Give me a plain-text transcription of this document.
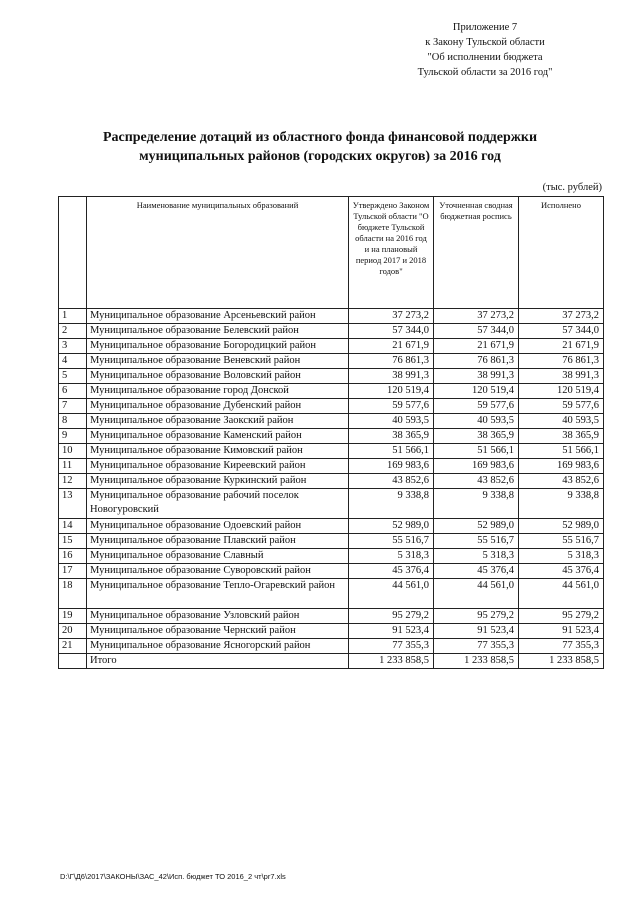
Приложение 7
к Закону Тульской области
"Об исполнении бюджета
Тульской области за 2016 год"
Распределение дотаций из областного фонда финансовой поддержки
муниципальных районов (городских округов) за 2016 год
(тыс. рублей)
	Наименование муниципальных образований	Утверждено Законом Тульской области "О бюджете Тульской области на 2016 год и на плановый период 2017 и 2018 годов"	Уточненная сводная бюджетная роспись	Исполнено
1	Муниципальное образование Арсеньевский район	37 273,2	37 273,2	37 273,2
2	Муниципальное образование Белевский район	57 344,0	57 344,0	57 344,0
3	Муниципальное образование Богородицкий район	21 671,9	21 671,9	21 671,9
4	Муниципальное образование Веневский район	76 861,3	76 861,3	76 861,3
5	Муниципальное образование Воловский район	38 991,3	38 991,3	38 991,3
6	Муниципальное образование город Донской	120 519,4	120 519,4	120 519,4
7	Муниципальное образование Дубенский район	59 577,6	59 577,6	59 577,6
8	Муниципальное образование Заокский район	40 593,5	40 593,5	40 593,5
9	Муниципальное образование Каменский район	38 365,9	38 365,9	38 365,9
10	Муниципальное образование Кимовский район	51 566,1	51 566,1	51 566,1
11	Муниципальное образование Киреевский район	169 983,6	169 983,6	169 983,6
12	Муниципальное образование Куркинский район	43 852,6	43 852,6	43 852,6
13	Муниципальное образование рабочий поселок Новогуровский	9 338,8	9 338,8	9 338,8
14	Муниципальное образование Одоевский район	52 989,0	52 989,0	52 989,0
15	Муниципальное образование Плавский район	55 516,7	55 516,7	55 516,7
16	Муниципальное образование Славный	5 318,3	5 318,3	5 318,3
17	Муниципальное образование Суворовский район	45 376,4	45 376,4	45 376,4
18	Муниципальное образование Тепло-Огаревский район	44 561,0	44 561,0	44 561,0
19	Муниципальное образование Узловский район	95 279,2	95 279,2	95 279,2
20	Муниципальное образование Чернский район	91 523,4	91 523,4	91 523,4
21	Муниципальное образование Ясногорский район	77 355,3	77 355,3	77 355,3
	Итого	1 233 858,5	1 233 858,5	1 233 858,5
D:\Г\Д6\2017\ЗАКОНЫ\ЗАС_42\Исп. бюджет ТО 2016_2 чт\pr7.xls
